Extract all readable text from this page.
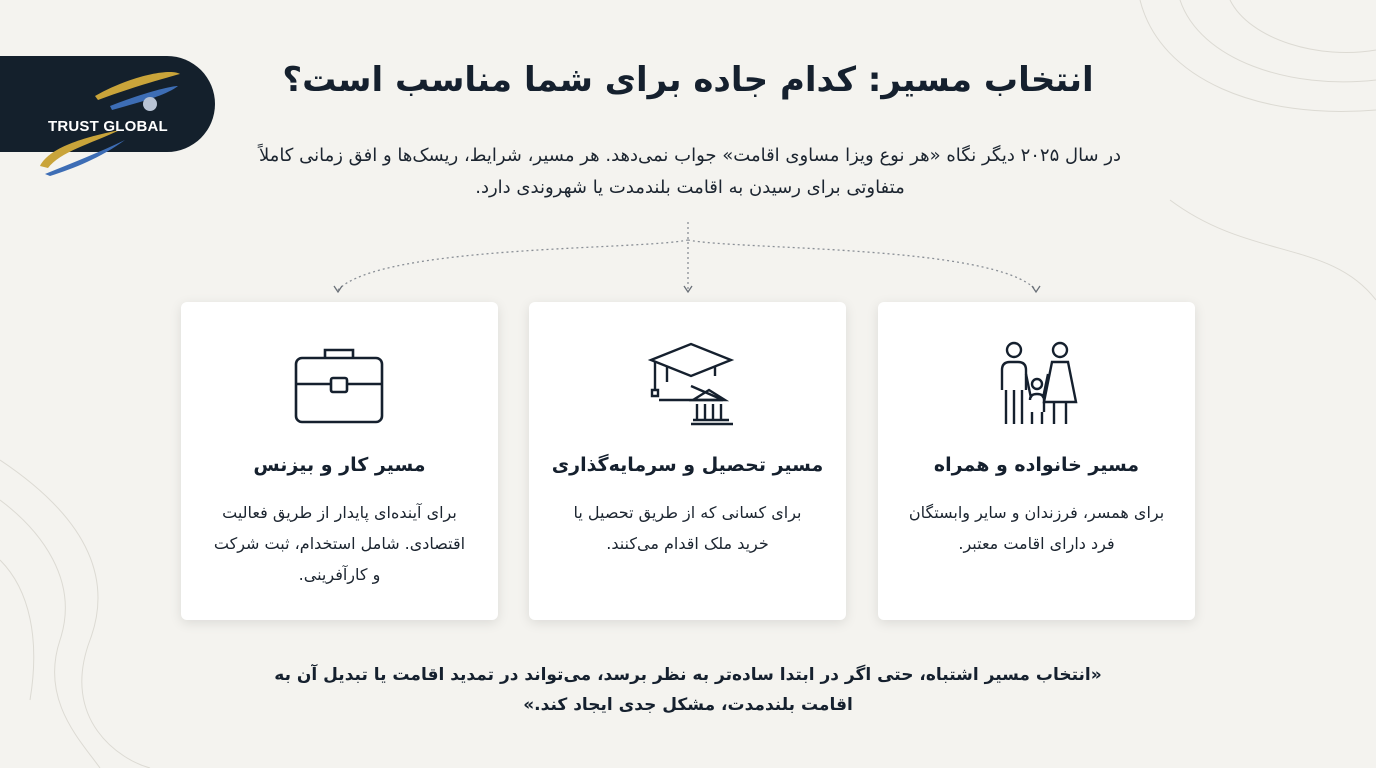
TRUST GLOBAL
انتخاب مسیر: کدام جاده برای شما مناسب است؟

در سال ۲۰۲۵ دیگر نگاه «هر نوع ویزا مساوی اقامت» جواب نمی‌دهد. هر مسیر، شرایط، ریسک‌ها و افق زمانی کاملاً متفاوتی برای رسیدن به اقامت بلندمدت یا شهروندی دارد.

مسیر خانواده و همراه
برای همسر، فرزندان و سایر وابستگان فرد دارای اقامت معتبر.
مسیر تحصیل و سرمایه‌گذاری
برای کسانی که از طریق تحصیل یا خرید ملک اقدام می‌کنند.
مسیر کار و بیزنس
برای آینده‌ای پایدار از طریق فعالیت اقتصادی. شامل استخدام، ثبت شرکت و کارآفرینی.

«انتخاب مسیر اشتباه، حتی اگر در ابتدا ساده‌تر به نظر برسد، می‌تواند در تمدید اقامت یا تبدیل آن به اقامت بلندمدت، مشکل جدی ایجاد کند.»
